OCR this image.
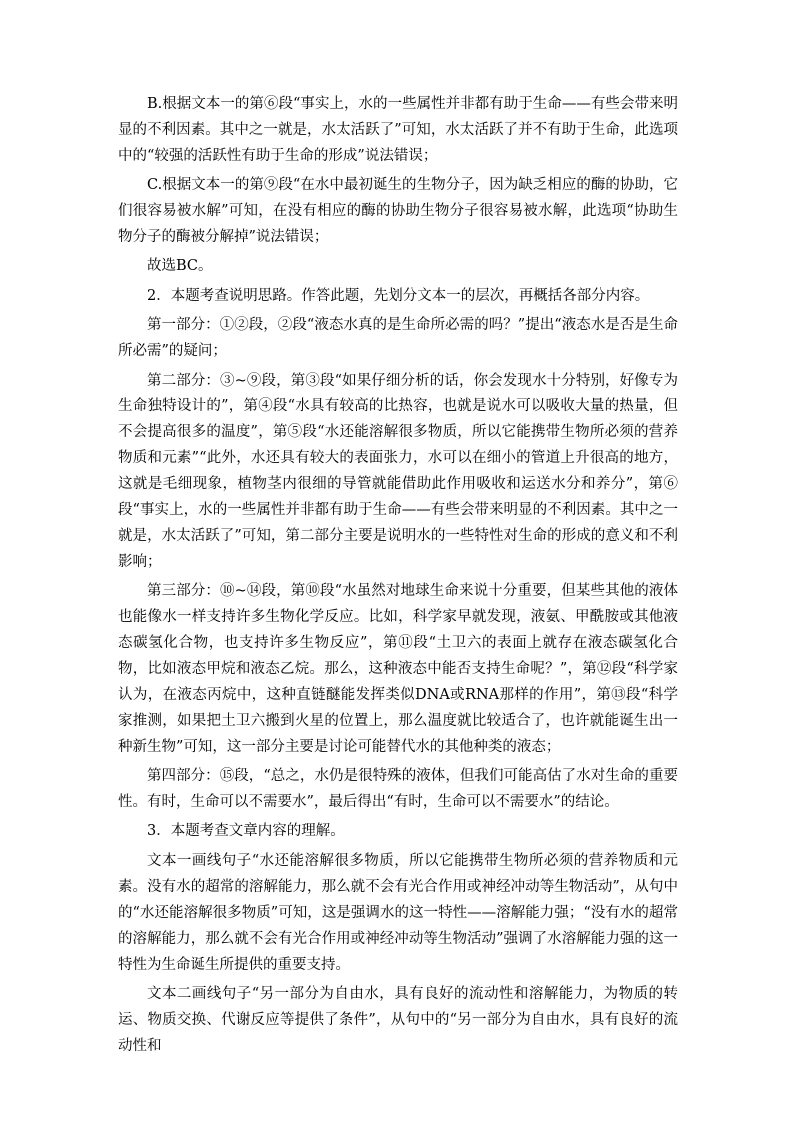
B.根据文本一的第⑥段“事实上，水的一些属性并非都有助于生命——有些会带来明显的不利因素。其中之一就是，水太活跃了”可知，水太活跃了并不有助于生命，此选项中的“较强的活跃性有助于生命的形成”说法错误；

C.根据文本一的第⑨段“在水中最初诞生的生物分子，因为缺乏相应的酶的协助，它们很容易被水解”可知，在没有相应的酶的协助生物分子很容易被水解，此选项“协助生物分子的酶被分解掉”说法错误；

故选BC。

2．本题考查说明思路。作答此题，先划分文本一的层次，再概括各部分内容。

第一部分：①②段，②段“液态水真的是生命所必需的吗？”提出“液态水是否是生命所必需”的疑问；

第二部分：③~⑨段，第③段“如果仔细分析的话，你会发现水十分特别，好像专为生命独特设计的”，第④段“水具有较高的比热容，也就是说水可以吸收大量的热量，但不会提高很多的温度”，第⑤段“水还能溶解很多物质，所以它能携带生物所必须的营养物质和元素”“此外，水还具有较大的表面张力，水可以在细小的管道上升很高的地方，这就是毛细现象，植物茎内很细的导管就能借助此作用吸收和运送水分和养分”，第⑥段“事实上，水的一些属性并非都有助于生命——有些会带来明显的不利因素。其中之一就是，水太活跃了”可知，第二部分主要是说明水的一些特性对生命的形成的意义和不利影响；

第三部分：⑩~⑭段，第⑩段“水虽然对地球生命来说十分重要，但某些其他的液体也能像水一样支持许多生物化学反应。比如，科学家早就发现，液氨、甲酰胺或其他液态碳氢化合物，也支持许多生物反应”，第⑪段“土卫六的表面上就存在液态碳氢化合物，比如液态甲烷和液态乙烷。那么，这种液态中能否支持生命呢？”，第⑫段“科学家认为，在液态丙烷中，这种直链醚能发挥类似DNA或RNA那样的作用”，第⑬段“科学家推测，如果把土卫六搬到火星的位置上，那么温度就比较适合了，也许就能诞生出一种新生物”可知，这一部分主要是讨论可能替代水的其他种类的液态；

第四部分：⑮段，“总之，水仍是很特殊的液体，但我们可能高估了水对生命的重要性。有时，生命可以不需要水”，最后得出“有时，生命可以不需要水”的结论。

3．本题考查文章内容的理解。

文本一画线句子“水还能溶解很多物质，所以它能携带生物所必须的营养物质和元素。没有水的超常的溶解能力，那么就不会有光合作用或神经冲动等生物活动”，从句中的“水还能溶解很多物质”可知，这是强调水的这一特性——溶解能力强；“没有水的超常的溶解能力，那么就不会有光合作用或神经冲动等生物活动”强调了水溶解能力强的这一特性为生命诞生所提供的重要支持。

文本二画线句子“另一部分为自由水，具有良好的流动性和溶解能力，为物质的转运、物质交换、代谢反应等提供了条件”，从句中的“另一部分为自由水，具有良好的流动性和
